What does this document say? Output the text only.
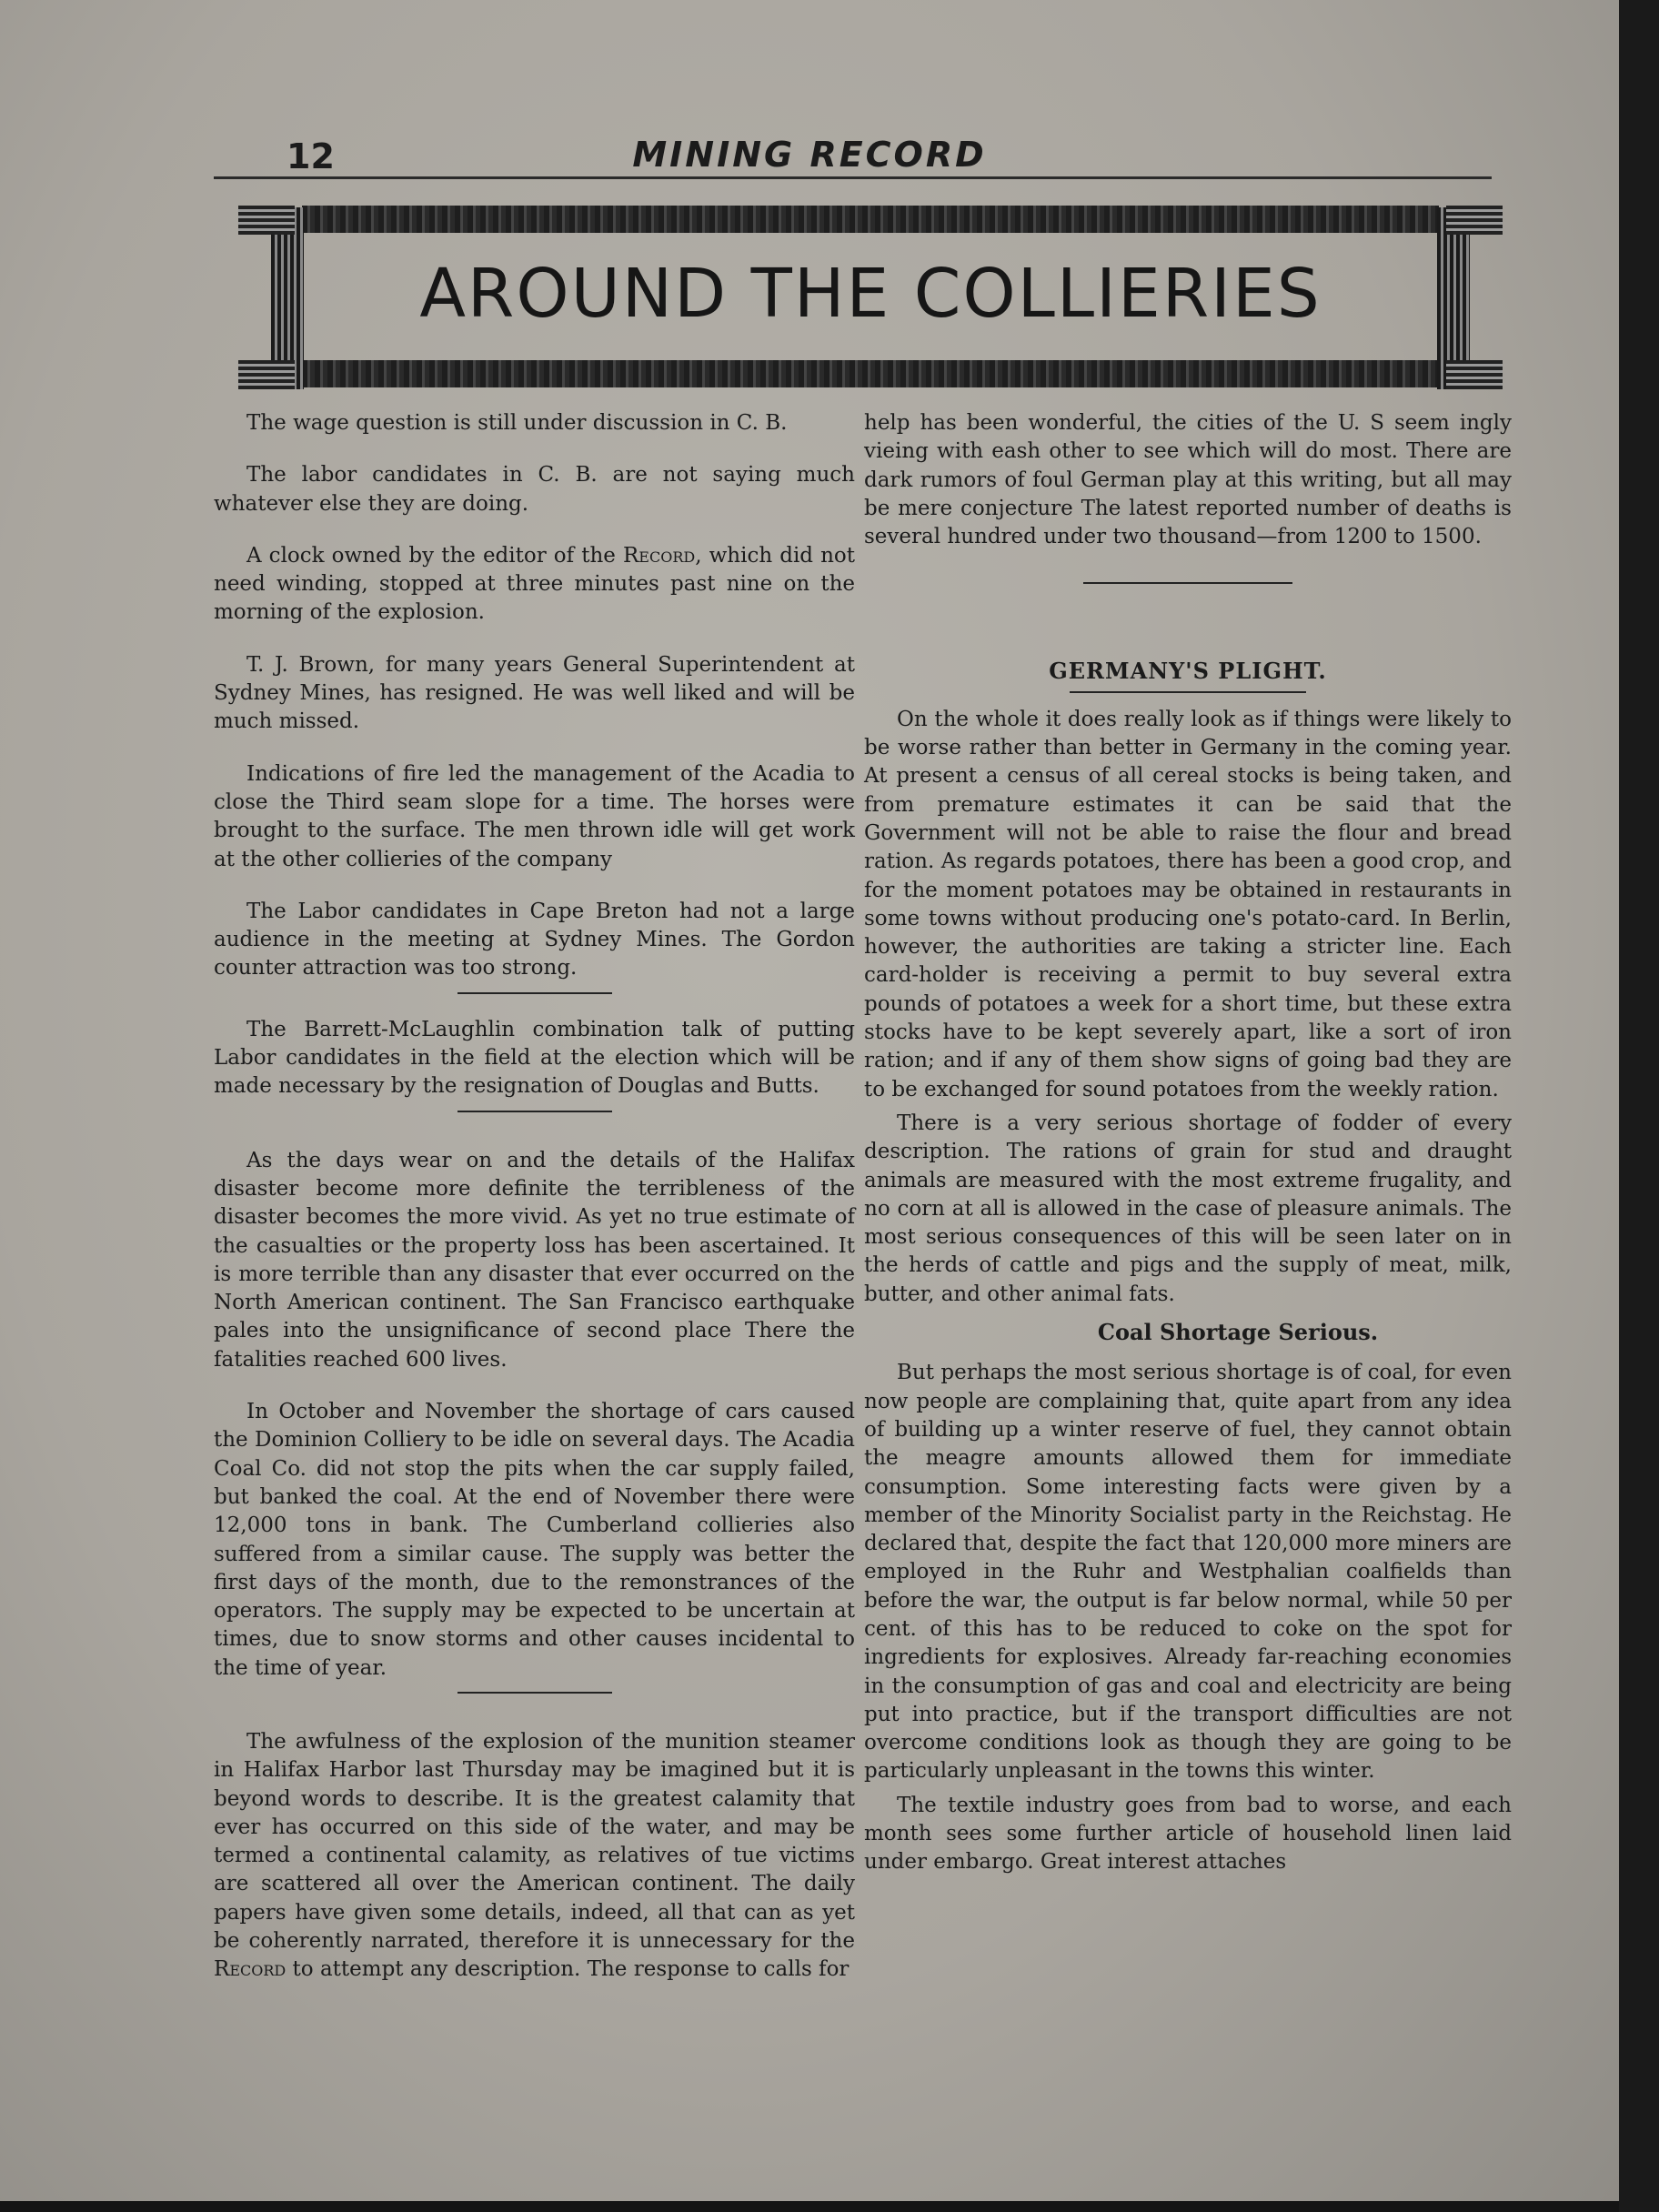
12	MINING RECORD
AROUND THE COLLIERIES

The wage question is still under discussion in C. B.

The labor candidates in C. B. are not saying much whatever else they are doing.

A clock owned by the editor of the Record, which did not need winding, stopped at three minutes past nine on the morning of the explosion.

T. J. Brown, for many years General Superintendent at Sydney Mines, has resigned. He was well liked and will be much missed.

Indications of fire led the management of the Acadia to close the Third seam slope for a time. The horses were brought to the surface. The men thrown idle will get work at the other collieries of the company

The Labor candidates in Cape Breton had not a large audience in the meeting at Sydney Mines. The Gordon counter attraction was too strong.

The Barrett-McLaughlin combination talk of putting Labor candidates in the field at the election which will be made necessary by the resignation of Douglas and Butts.

As the days wear on and the details of the Halifax disaster become more definite the terribleness of the disaster becomes the more vivid. As yet no true estimate of the casualties or the property loss has been ascertained. It is more terrible than any disaster that ever occurred on the North American continent. The San Francisco earthquake pales into the unsignificance of second place There the fatalities reached 600 lives.

In October and November the shortage of cars caused the Dominion Colliery to be idle on several days. The Acadia Coal Co. did not stop the pits when the car supply failed, but banked the coal. At the end of November there were 12,000 tons in bank. The Cumberland collieries also suffered from a similar cause. The supply was better the first days of the month, due to the remonstrances of the operators. The supply may be expected to be uncertain at times, due to snow storms and other causes incidental to the time of year.

The awfulness of the explosion of the munition steamer in Halifax Harbor last Thursday may be imagined but it is beyond words to describe. It is the greatest calamity that ever has occurred on this side of the water, and may be termed a continental calamity, as relatives of tue victims are scattered all over the American continent. The daily papers have given some details, indeed, all that can as yet be coherently narrated, therefore it is unnecessary for the Record to attempt any description. The response to calls for

help has been wonderful, the cities of the U. S seem ingly vieing with eash other to see which will do most. There are dark rumors of foul German play at this writing, but all may be mere conjecture The latest reported number of deaths is several hundred under two thousand—from 1200 to 1500.

GERMANY'S PLIGHT.

On the whole it does really look as if things were likely to be worse rather than better in Germany in the coming year. At present a census of all cereal stocks is being taken, and from premature estimates it can be said that the Government will not be able to raise the flour and bread ration. As regards potatoes, there has been a good crop, and for the moment potatoes may be obtained in restaurants in some towns without producing one's potato-card. In Berlin, however, the authorities are taking a stricter line. Each card-holder is receiving a permit to buy several extra pounds of potatoes a week for a short time, but these extra stocks have to be kept severely apart, like a sort of iron ration; and if any of them show signs of going bad they are to be exchanged for sound potatoes from the weekly ration.

There is a very serious shortage of fodder of every description. The rations of grain for stud and draught animals are measured with the most extreme frugality, and no corn at all is allowed in the case of pleasure animals. The most serious consequences of this will be seen later on in the herds of cattle and pigs and the supply of meat, milk, butter, and other animal fats.

Coal Shortage Serious.

But perhaps the most serious shortage is of coal, for even now people are complaining that, quite apart from any idea of building up a winter reserve of fuel, they cannot obtain the meagre amounts allowed them for immediate consumption. Some interesting facts were given by a member of the Minority Socialist party in the Reichstag. He declared that, despite the fact that 120,000 more miners are employed in the Ruhr and Westphalian coalfields than before the war, the output is far below normal, while 50 per cent. of this has to be reduced to coke on the spot for ingredients for explosives. Already far-reaching economies in the consumption of gas and coal and electricity are being put into practice, but if the transport difficulties are not overcome conditions look as though they are going to be particularly unpleasant in the towns this winter.

The textile industry goes from bad to worse, and each month sees some further article of household linen laid under embargo. Great interest attaches
